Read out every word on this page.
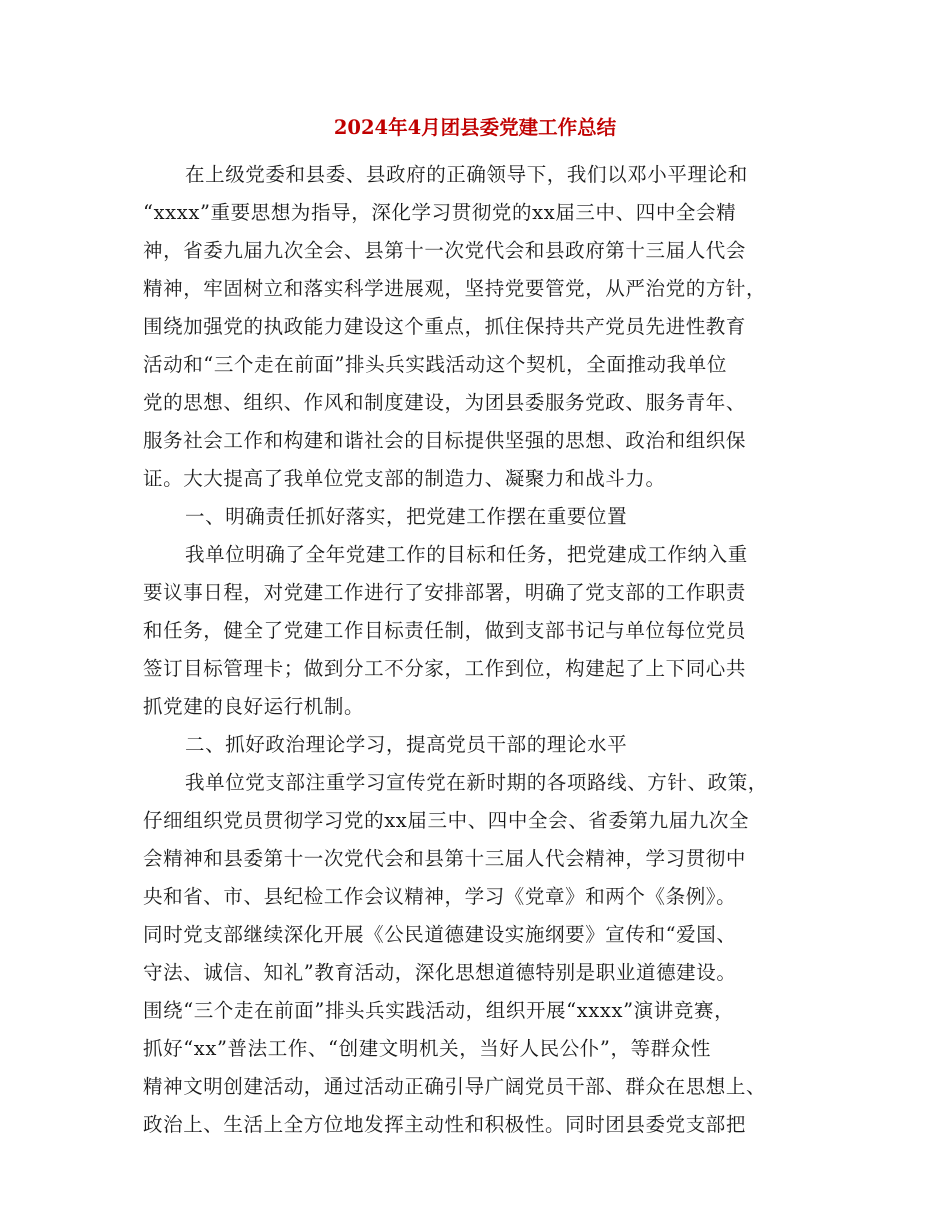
2024年4月团县委党建工作总结
在上级党委和县委、县政府的正确领导下，我们以邓小平理论和
“xxxx”重要思想为指导，深化学习贯彻党的xx届三中、四中全会精
神，省委九届九次全会、县第十一次党代会和县政府第十三届人代会
精神，牢固树立和落实科学进展观，坚持党要管党，从严治党的方针，
围绕加强党的执政能力建设这个重点，抓住保持共产党员先进性教育
活动和“三个走在前面”排头兵实践活动这个契机，全面推动我单位
党的思想、组织、作风和制度建设，为团县委服务党政、服务青年、
服务社会工作和构建和谐社会的目标提供坚强的思想、政治和组织保
证。大大提高了我单位党支部的制造力、凝聚力和战斗力。
一、明确责任抓好落实，把党建工作摆在重要位置
我单位明确了全年党建工作的目标和任务，把党建成工作纳入重
要议事日程，对党建工作进行了安排部署，明确了党支部的工作职责
和任务，健全了党建工作目标责任制，做到支部书记与单位每位党员
签订目标管理卡；做到分工不分家，工作到位，构建起了上下同心共
抓党建的良好运行机制。
二、抓好政治理论学习，提高党员干部的理论水平
我单位党支部注重学习宣传党在新时期的各项路线、方针、政策，
仔细组织党员贯彻学习党的xx届三中、四中全会、省委第九届九次全
会精神和县委第十一次党代会和县第十三届人代会精神，学习贯彻中
央和省、市、县纪检工作会议精神，学习《党章》和两个《条例》。
同时党支部继续深化开展《公民道德建设实施纲要》宣传和“爱国、
守法、诚信、知礼”教育活动，深化思想道德特别是职业道德建设。
围绕“三个走在前面”排头兵实践活动，组织开展“xxxx”演讲竞赛，
抓好“xx”普法工作、“创建文明机关，当好人民公仆”，等群众性
精神文明创建活动，通过活动正确引导广阔党员干部、群众在思想上、
政治上、生活上全方位地发挥主动性和积极性。同时团县委党支部把
